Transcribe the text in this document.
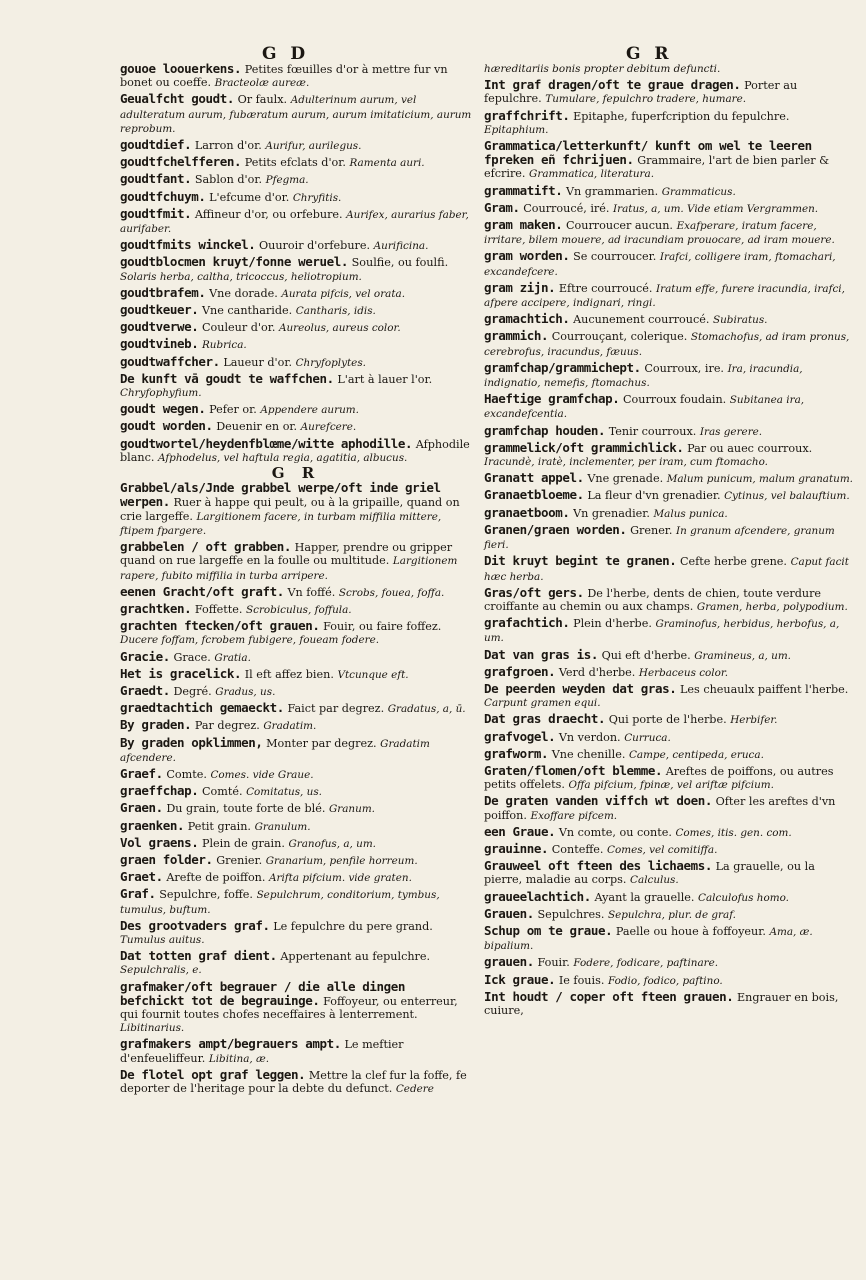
G D	G R
gouoe loouerkens. Petites fœuilles d'or à mettre fur vn bonet ou coeffe. Bracteolæ aureæ.
Geualfcht goudt. Or faulx. Adulterinum aurum, vel adulteratum aurum, fubæratum aurum, aurum imitaticium, aurum reprobum.
goudtdief. Larron d'or. Aurifur, aurilegus.
goudtfchelfferen. Petits efclats d'or. Ramenta auri.
goudtfant. Sablon d'or. Pfegma.
goudtfchuym. L'efcume d'or. Chryfitis.
goudtfmit. Affineur d'or, ou orfebure. Aurifex, aurarius faber, aurifaber.
goudtfmits winckel. Ouuroir d'orfebure. Aurificina.
goudtblocmen kruyt/fonne weruel. Soulfie, ou foulfi. Solaris herba, caltha, tricoccus, heliotropium.
goudtbrafem. Vne dorade. Aurata pifcis, vel orata.
goudtkeuer. Vne cantharide. Cantharis, idis.
goudtverwe. Couleur d'or. Aureolus, aureus color.
goudtvineb. Rubrica.
goudtwaffcher. Laueur d'or. Chryfoplytes.
De kunft vā goudt te waffchen. L'art à lauer l'or. Chryfophyfium.
goudt wegen. Pefer or. Appendere aurum.
goudt worden. Deuenir en or. Aurefcere.
goudtwortel/heydenfblœme/witte aphodille. Afphodile blanc. Afphodelus, vel haftula regia, agatitia, albucus.
G R
Grabbel/als/Jnde grabbel werpe/oft inde griel werpen. Ruer à happe qui peult, ou à la gripaille, quand on crie largeffe. Largitionem facere, in turbam miffilia mittere, ftipem fpargere.
grabbelen / oft grabben. Happer, prendre ou gripper quand on rue largeffe en la foulle ou multitude. Largitionem rapere, fubito miffilia in turba arripere.
eenen Gracht/oft graft. Vn foffé. Scrobs, fouea, foffa.
grachtken. Foffette. Scrobiculus, foffula.
grachten ftecken/oft grauen. Fouir, ou faire foffez. Ducere foffam, fcrobem fubigere, foueam fodere.
Gracie. Grace. Gratia.
Het is gracelick. Il eft affez bien. Vtcunque eft.
Graedt. Degré. Gradus, us.
graedtachtich gemaeckt. Faict par degrez. Gradatus, a, ū.
By graden. Par degrez. Gradatim.
By graden opklimmen, Monter par degrez. Gradatim afcendere.
Graef. Comte. Comes. vide Graue.
graeffchap. Comté. Comitatus, us.
Graen. Du grain, toute forte de blé. Granum.
graenken. Petit grain. Granulum.
Vol graens. Plein de grain. Granofus, a, um.
graen folder. Grenier. Granarium, penfile horreum.
Graet. Arefte de poiffon. Arifta pifcium. vide graten.
Graf. Sepulchre, foffe. Sepulchrum, conditorium, tymbus, tumulus, buftum.
Des grootvaders graf. Le fepulchre du pere grand. Tumulus auitus.
Dat totten graf dient. Appertenant au fepulchre. Sepulchralis, e.
grafmaker/oft begrauer / die alle dingen befchickt tot de begrauinge. Foffoyeur, ou enterreur, qui fournit toutes chofes neceffaires à lenterrement. Libitinarius.
grafmakers ampt/begrauers ampt. Le meftier d'enfeueliffeur. Libitina, æ.
De flotel opt graf leggen. Mettre la clef fur la foffe, fe deporter de l'heritage pour la debte du defunct. Cedere
hæreditariis bonis propter debitum defuncti.
Int graf dragen/oft te graue dragen. Porter au fepulchre. Tumulare, fepulchro tradere, humare.
graffchrift. Epitaphe, fuperfcription du fepulchre. Epitaphium.
Grammatica/letterkunft/ kunft om wel te leeren fpreken eñ fchrijuen. Grammaire, l'art de bien parler & efcrire. Grammatica, literatura.
grammatift. Vn grammarien. Grammaticus.
Gram. Courroucé, iré. Iratus, a, um. Vide etiam Vergrammen.
gram maken. Courroucer aucun. Exafperare, iratum facere, irritare, bilem mouere, ad iracundiam prouocare, ad iram mouere.
gram worden. Se courroucer. Irafci, colligere iram, ftomachari, excandefcere.
gram zijn. Eftre courroucé. Iratum effe, furere iracundia, irafci, afpere accipere, indignari, ringi.
gramachtich. Aucunement courroucé. Subiratus.
grammich. Courrouçant, colerique. Stomachofus, ad iram pronus, cerebrofus, iracundus, fæuus.
gramfchap/grammichept. Courroux, ire. Ira, iracundia, indignatio, nemefis, ftomachus.
Haeftige gramfchap. Courroux foudain. Subitanea ira, excandefcentia.
gramfchap houden. Tenir courroux. Iras gerere.
grammelick/oft grammichlick. Par ou auec courroux. Iracundè, iratè, inclementer, per iram, cum ftomacho.
Granatt appel. Vne grenade. Malum punicum, malum granatum.
Granaetbloeme. La fleur d'vn grenadier. Cytinus, vel balauftium.
granaetboom. Vn grenadier. Malus punica.
Granen/graen worden. Grener. In granum afcendere, granum fieri.
Dit kruyt begint te granen. Cefte herbe grene. Caput facit hæc herba.
Gras/oft gers. De l'herbe, dents de chien, toute verdure croiffante au chemin ou aux champs. Gramen, herba, polypodium.
grafachtich. Plein d'herbe. Graminofus, herbidus, herbofus, a, um.
Dat van gras is. Qui eft d'herbe. Gramineus, a, um.
grafgroen. Verd d'herbe. Herbaceus color.
De peerden weyden dat gras. Les cheuaulx paiffent l'herbe. Carpunt gramen equi.
Dat gras draecht. Qui porte de l'herbe. Herbifer.
grafvogel. Vn verdon. Curruca.
grafworm. Vne chenille. Campe, centipeda, eruca.
Graten/flomen/oft blemme. Areftes de poiffons, ou autres petits offelets. Offa pifcium, fpinæ, vel ariftæ pifcium.
De graten vanden viffch wt doen. Ofter les areftes d'vn poiffon. Exoffare pifcem.
een Graue. Vn comte, ou conte. Comes, itis. gen. com.
grauinne. Conteffe. Comes, vel comitiffa.
Grauweel oft fteen des lichaems. La grauelle, ou la pierre, maladie au corps. Calculus.
graueelachtich. Ayant la grauelle. Calculofus homo.
Grauen. Sepulchres. Sepulchra, plur. de graf.
Schup om te graue. Paelle ou houe à foffoyeur. Ama, æ. bipalium.
grauen. Fouir. Fodere, fodicare, paftinare.
Ick graue. Ie fouis. Fodio, fodico, paftino.
Int houdt / coper oft fteen grauen. Engrauer en bois, cuiure,
